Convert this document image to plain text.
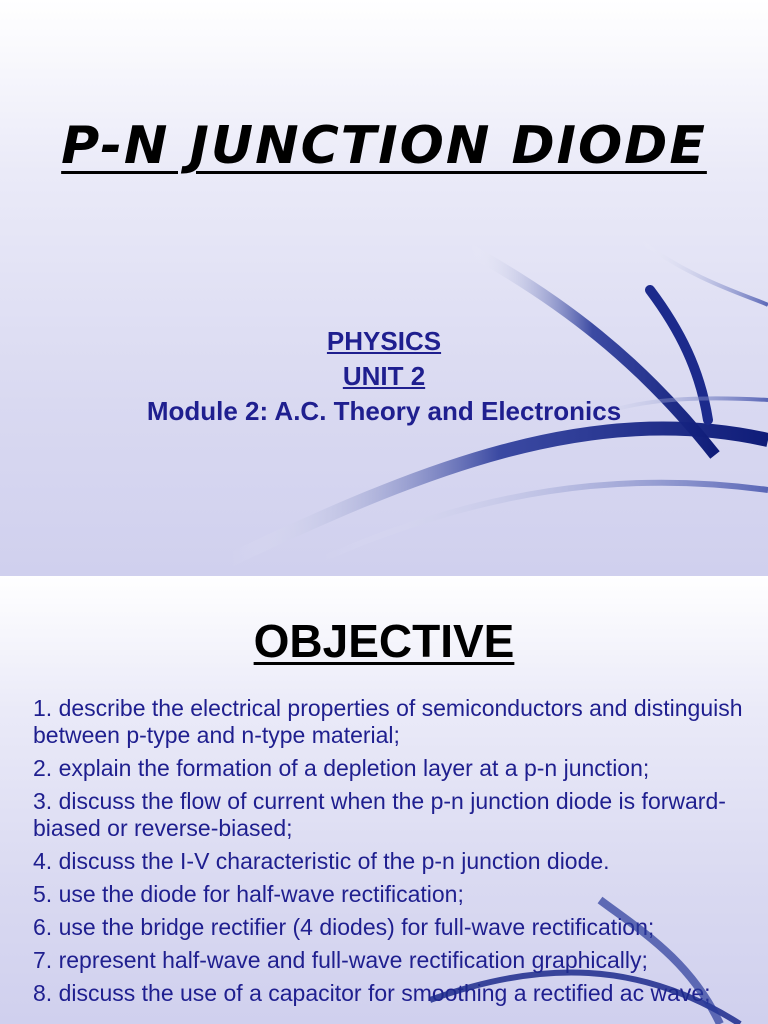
P-N JUNCTION DIODE
PHYSICS
UNIT 2
Module 2: A.C. Theory and Electronics
OBJECTIVE
1. describe the electrical properties of semiconductors and distinguish between p-type and n-type material;
2. explain the formation of a depletion layer at a p-n junction;
3. discuss the flow of current when the p-n junction diode is forward-biased or reverse-biased;
4. discuss the I-V characteristic of the p-n junction diode.
5. use the diode for half-wave rectification;
6. use the bridge rectifier (4 diodes) for full-wave rectification;
7. represent half-wave and full-wave rectification graphically;
8. discuss the use of a capacitor for smoothing a rectified ac wave;
